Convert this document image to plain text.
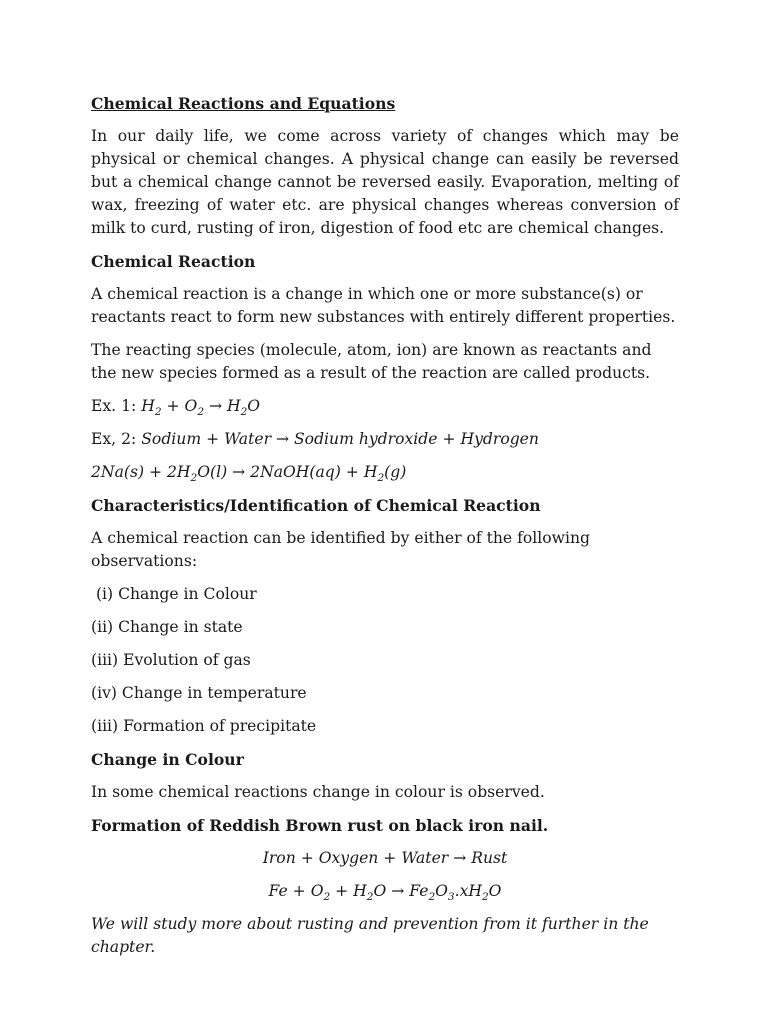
Chemical Reactions and Equations

In our daily life, we come across variety of changes which may be physical or chemical changes. A physical change can easily be reversed but a chemical change cannot be reversed easily. Evaporation, melting of wax, freezing of water etc. are physical changes whereas conversion of milk to curd, rusting of iron, digestion of food etc are chemical changes.

Chemical Reaction

A chemical reaction is a change in which one or more substance(s) or reactants react to form new substances with entirely different properties.

The reacting species (molecule, atom, ion) are known as reactants and the new species formed as a result of the reaction are called products.

Ex. 1: $H_2 + O_2 \to H_2O$
Ex, 2: Sodium + Water → Sodium hydroxide + Hydrogen
$2Na(s) + 2H_2O(l)$ → 2NaOH(aq) + $H_2(g)$
Characteristics/Identification of Chemical Reaction

A chemical reaction can be identified by either of the following observations:

(i) Change in Colour
(ii) Change in state
(iii) Evolution of gas
(iv) Change in temperature
(iii) Formation of precipitate
Change in Colour

In some chemical reactions change in colour is observed.

Formation of Reddish Brown rust on black iron nail.
Iron + Oxygen + Water → Rust
$Fe + O_2 + H_2O \to Fe_2O_3.xH_2O$

We will study more about rusting and prevention from it further in the chapter.
